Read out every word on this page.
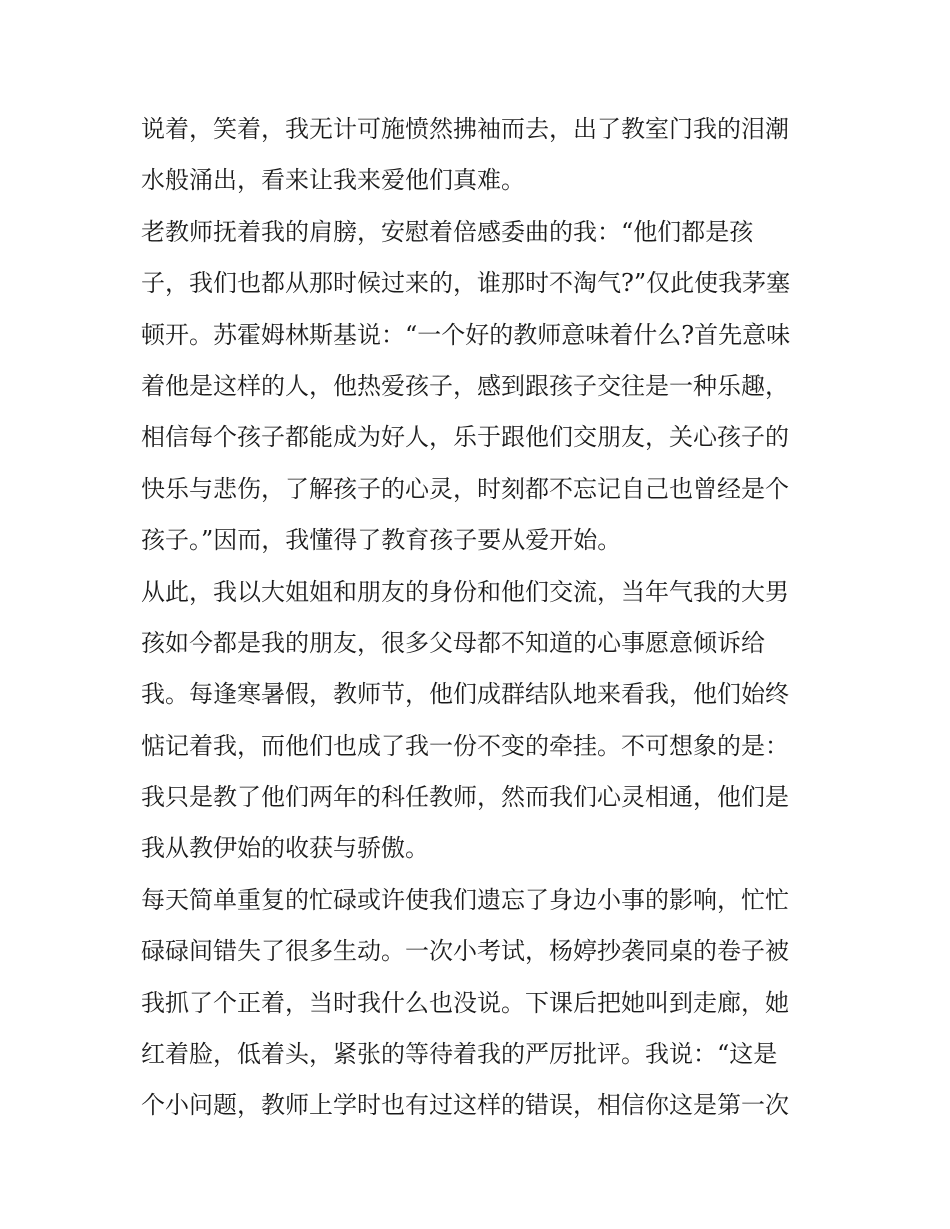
说着，笑着，我无计可施愤然拂袖而去，出了教室门我的泪潮
水般涌出，看来让我来爱他们真难。
老教师抚着我的肩膀，安慰着倍感委曲的我：“他们都是孩
子，我们也都从那时候过来的，谁那时不淘气?”仅此使我茅塞
顿开。苏霍姆林斯基说：“一个好的教师意味着什么?首先意味
着他是这样的人，他热爱孩子，感到跟孩子交往是一种乐趣，
相信每个孩子都能成为好人，乐于跟他们交朋友，关心孩子的
快乐与悲伤，了解孩子的心灵，时刻都不忘记自己也曾经是个
孩子。”因而，我懂得了教育孩子要从爱开始。
从此，我以大姐姐和朋友的身份和他们交流，当年气我的大男
孩如今都是我的朋友，很多父母都不知道的心事愿意倾诉给
我。每逢寒暑假，教师节，他们成群结队地来看我，他们始终
惦记着我，而他们也成了我一份不变的牵挂。不可想象的是：
我只是教了他们两年的科任教师，然而我们心灵相通，他们是
我从教伊始的收获与骄傲。
每天简单重复的忙碌或许使我们遗忘了身边小事的影响，忙忙
碌碌间错失了很多生动。一次小考试，杨婷抄袭同桌的卷子被
我抓了个正着，当时我什么也没说。下课后把她叫到走廊，她
红着脸，低着头，紧张的等待着我的严厉批评。我说：“这是
个小问题，教师上学时也有过这样的错误，相信你这是第一次
